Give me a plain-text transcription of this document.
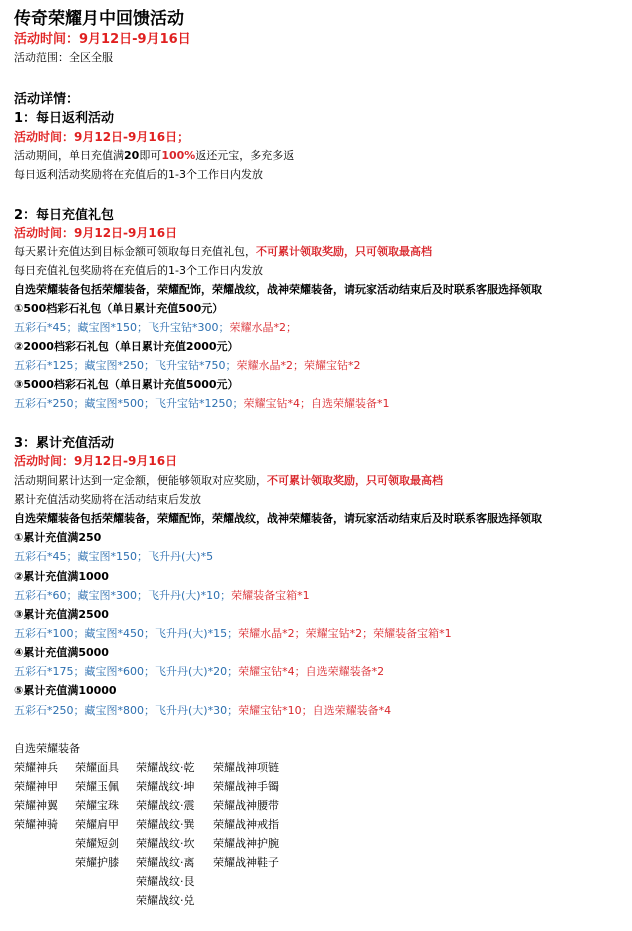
传奇荣耀月中回馈活动
活动时间：9月12日-9月16日
活动范围：全区全服
活动详情：
1：每日返利活动
活动时间：9月12日-9月16日；
活动期间，单日充值满20即可100%返还元宝，多充多返
每日返利活动奖励将在充值后的1-3个工作日内发放
2：每日充值礼包
活动时间：9月12日-9月16日
每天累计充值达到目标金额可领取每日充值礼包，不可累计领取奖励，只可领取最高档
每日充值礼包奖励将在充值后的1-3个工作日内发放
自选荣耀装备包括荣耀装备，荣耀配饰，荣耀战纹，战神荣耀装备，请玩家活动结束后及时联系客服选择领取
①500档彩石礼包（单日累计充值500元）
五彩石*45；藏宝图*150；飞升宝钻*300；荣耀水晶*2；
②2000档彩石礼包（单日累计充值2000元）
五彩石*125；藏宝图*250；飞升宝钻*750；荣耀水晶*2；荣耀宝钻*2
③5000档彩石礼包（单日累计充值5000元）
五彩石*250；藏宝图*500；飞升宝钻*1250；荣耀宝钻*4；自选荣耀装备*1
3：累计充值活动
活动时间：9月12日-9月16日
活动期间累计达到一定金额，便能够领取对应奖励，不可累计领取奖励，只可领取最高档
累计充值活动奖励将在活动结束后发放
自选荣耀装备包括荣耀装备，荣耀配饰，荣耀战纹，战神荣耀装备，请玩家活动结束后及时联系客服选择领取
①累计充值满250
五彩石*45；藏宝图*150；飞升丹(大)*5
②累计充值满1000
五彩石*60；藏宝图*300；飞升丹(大)*10；荣耀装备宝箱*1
③累计充值满2500
五彩石*100；藏宝图*450；飞升丹(大)*15；荣耀水晶*2；荣耀宝钻*2；荣耀装备宝箱*1
④累计充值满5000
五彩石*175；藏宝图*600；飞升丹(大)*20；荣耀宝钻*4；自选荣耀装备*2
⑤累计充值满10000
五彩石*250；藏宝图*800；飞升丹(大)*30；荣耀宝钻*10；自选荣耀装备*4
自选荣耀装备
荣耀神兵
荣耀神甲
荣耀神翼
荣耀神骑
荣耀面具
荣耀玉佩
荣耀宝珠
荣耀肩甲
荣耀短剑
荣耀护膝
荣耀战纹·乾
荣耀战纹·坤
荣耀战纹·震
荣耀战纹·巽
荣耀战纹·坎
荣耀战纹·离
荣耀战纹·艮
荣耀战纹·兑
荣耀战神项链
荣耀战神手镯
荣耀战神腰带
荣耀战神戒指
荣耀战神护腕
荣耀战神鞋子
